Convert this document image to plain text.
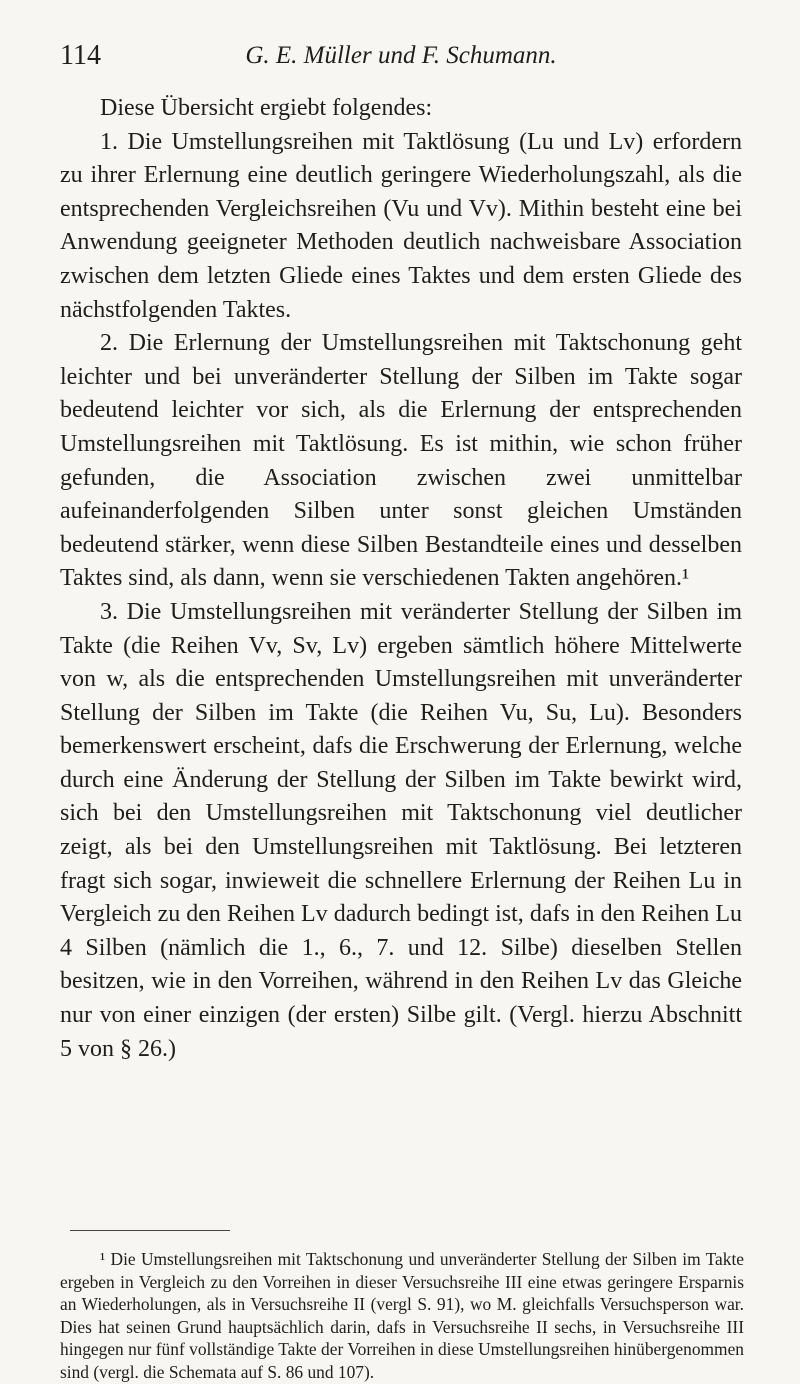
114	G. E. Müller und F. Schumann.

Diese Übersicht ergiebt folgendes:

1. Die Umstellungsreihen mit Taktlösung (Lu und Lv) erfordern zu ihrer Erlernung eine deutlich geringere Wiederholungszahl, als die entsprechenden Vergleichsreihen (Vu und Vv). Mithin besteht eine bei Anwendung geeigneter Methoden deutlich nachweisbare Association zwischen dem letzten Gliede eines Taktes und dem ersten Gliede des nächstfolgenden Taktes.

2. Die Erlernung der Umstellungsreihen mit Taktschonung geht leichter und bei unveränderter Stellung der Silben im Takte sogar bedeutend leichter vor sich, als die Erlernung der entsprechenden Umstellungsreihen mit Taktlösung. Es ist mithin, wie schon früher gefunden, die Association zwischen zwei unmittelbar aufeinanderfolgenden Silben unter sonst gleichen Umständen bedeutend stärker, wenn diese Silben Bestandteile eines und desselben Taktes sind, als dann, wenn sie verschiedenen Takten angehören.¹

3. Die Umstellungsreihen mit veränderter Stellung der Silben im Takte (die Reihen Vv, Sv, Lv) ergeben sämtlich höhere Mittelwerte von w, als die entsprechenden Umstellungsreihen mit unveränderter Stellung der Silben im Takte (die Reihen Vu, Su, Lu). Besonders bemerkenswert erscheint, dafs die Erschwerung der Erlernung, welche durch eine Änderung der Stellung der Silben im Takte bewirkt wird, sich bei den Umstellungsreihen mit Taktschonung viel deutlicher zeigt, als bei den Umstellungsreihen mit Taktlösung. Bei letzteren fragt sich sogar, inwieweit die schnellere Erlernung der Reihen Lu in Vergleich zu den Reihen Lv dadurch bedingt ist, dafs in den Reihen Lu 4 Silben (nämlich die 1., 6., 7. und 12. Silbe) dieselben Stellen besitzen, wie in den Vorreihen, während in den Reihen Lv das Gleiche nur von einer einzigen (der ersten) Silbe gilt. (Vergl. hierzu Abschnitt 5 von § 26.)

¹ Die Umstellungsreihen mit Taktschonung und unveränderter Stellung der Silben im Takte ergeben in Vergleich zu den Vorreihen in dieser Versuchsreihe III eine etwas geringere Ersparnis an Wiederholungen, als in Versuchsreihe II (vergl S. 91), wo M. gleichfalls Versuchsperson war. Dies hat seinen Grund hauptsächlich darin, dafs in Versuchsreihe II sechs, in Versuchsreihe III hingegen nur fünf vollständige Takte der Vorreihen in diese Umstellungsreihen hinübergenommen sind (vergl. die Schemata auf S. 86 und 107).
